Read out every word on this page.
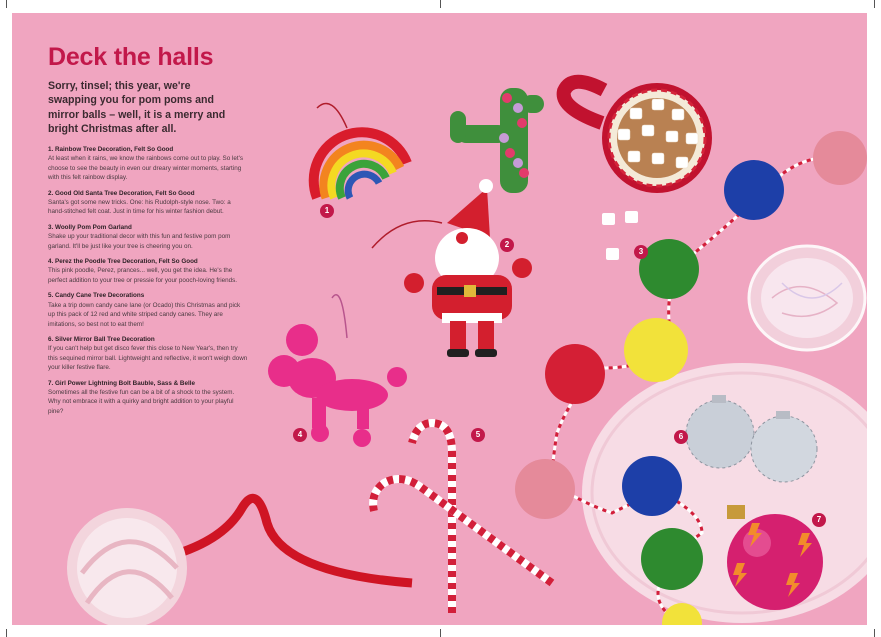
Deck the halls

Sorry, tinsel; this year, we're swapping you for pom poms and mirror balls – well, it is a merry and bright Christmas after all.

1. Rainbow Tree Decoration, Felt So Good
At least when it rains, we know the rainbows come out to play. So let's choose to see the beauty in even our dreary winter moments, starting with this felt rainbow display.

2. Good Old Santa Tree Decoration, Felt So Good
Santa's got some new tricks. One: his Rudolph-style nose. Two: a hand-stitched felt coat. Just in time for his winter fashion debut.

3. Woolly Pom Pom Garland
Shake up your traditional decor with this fun and festive pom pom garland. It'll be just like your tree is cheering you on.

4. Perez the Poodle Tree Decoration, Felt So Good
This pink poodle, Perez, prances... well, you get the idea. He's the perfect addition to your tree or pressie for your pooch-loving friends.

5. Candy Cane Tree Decorations
Take a trip down candy cane lane (or Ocado) this Christmas and pick up this pack of 12 red and white striped candy canes. They are imitations, so best not to eat them!

6. Silver Mirror Ball Tree Decoration
If you can't help but get disco fever this close to New Year's, then try this sequined mirror ball. Lightweight and reflective, it won't weigh down your killer festive flare.

7. Girl Power Lightning Bolt Bauble, Sass & Belle
Sometimes all the festive fun can be a bit of a shock to the system. Why not embrace it with a quirky and bright addition to your playful pine?

1
2
3
4	5	6
7
